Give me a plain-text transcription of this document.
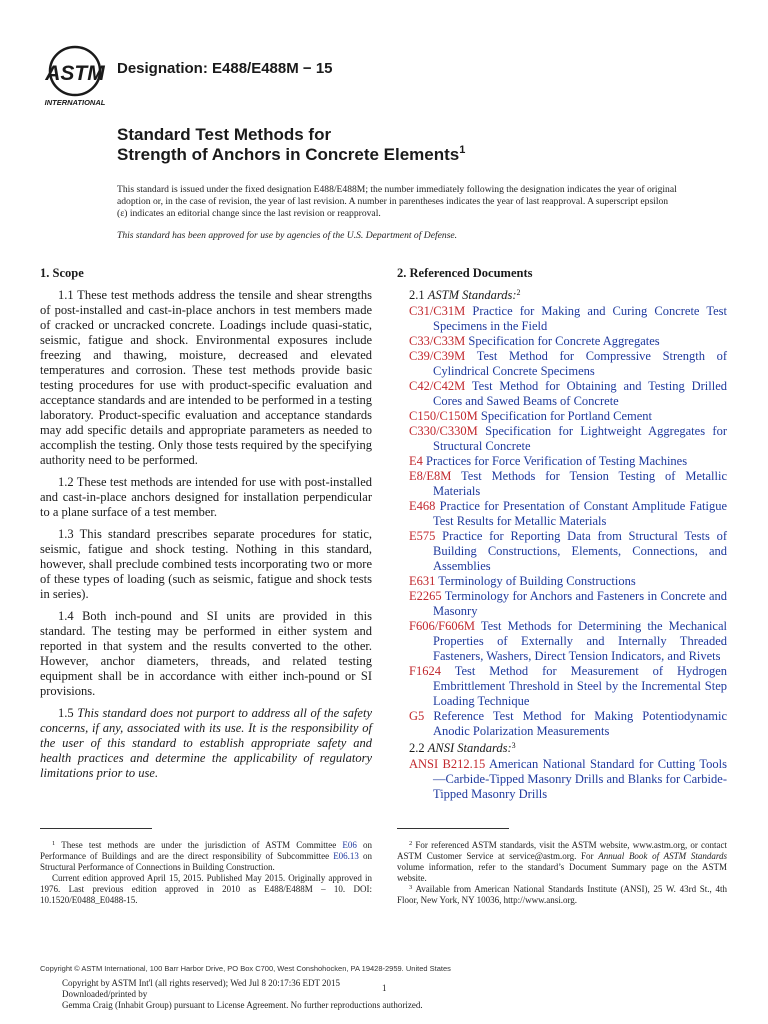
ASTM
INTERNATIONAL
Designation: E488/E488M − 15
Standard Test Methods for
Strength of Anchors in Concrete Elements$^1$
This standard is issued under the fixed designation E488/E488M; the number immediately following the designation indicates the year of original adoption or, in the case of revision, the year of last revision. A number in parentheses indicates the year of last reapproval. A superscript epsilon (ε) indicates an editorial change since the last revision or reapproval.
This standard has been approved for use by agencies of the U.S. Department of Defense.
1. Scope

1.1 These test methods address the tensile and shear strengths of post-installed and cast-in-place anchors in test members made of cracked or uncracked concrete. Loadings include quasi-static, seismic, fatigue and shock. Environmental exposures include freezing and thawing, moisture, decreased and elevated temperatures and corrosion. These test methods provide basic testing procedures for use with product-specific evaluation and acceptance standards and are intended to be performed in a testing laboratory. Product-specific evaluation and acceptance standards may add specific details and appropriate parameters as needed to accomplish the testing. Only those tests required by the specifying authority need to be performed.

1.2 These test methods are intended for use with post-installed and cast-in-place anchors designed for installation perpendicular to a plane surface of a test member.

1.3 This standard prescribes separate procedures for static, seismic, fatigue and shock testing. Nothing in this standard, however, shall preclude combined tests incorporating two or more of these types of loading (such as seismic, fatigue and shock tests in series).

1.4 Both inch-pound and SI units are provided in this standard. The testing may be performed in either system and reported in that system and the results converted to the other. However, anchor diameters, threads, and related testing equipment shall be in accordance with either inch-pound or SI provisions.

1.5 This standard does not purport to address all of the safety concerns, if any, associated with its use. It is the responsibility of the user of this standard to establish appropriate safety and health practices and determine the applicability of regulatory limitations prior to use.

2. Referenced Documents
2.1 ASTM Standards:$^2$
C31/C31M Practice for Making and Curing Concrete Test Specimens in the Field
C33/C33M Specification for Concrete Aggregates
C39/C39M Test Method for Compressive Strength of Cylindrical Concrete Specimens
C42/C42M Test Method for Obtaining and Testing Drilled Cores and Sawed Beams of Concrete
C150/C150M Specification for Portland Cement
C330/C330M Specification for Lightweight Aggregates for Structural Concrete
E4 Practices for Force Verification of Testing Machines
E8/E8M Test Methods for Tension Testing of Metallic Materials
E468 Practice for Presentation of Constant Amplitude Fatigue Test Results for Metallic Materials
E575 Practice for Reporting Data from Structural Tests of Building Constructions, Elements, Connections, and Assemblies
E631 Terminology of Building Constructions
E2265 Terminology for Anchors and Fasteners in Concrete and Masonry
F606/F606M Test Methods for Determining the Mechanical Properties of Externally and Internally Threaded Fasteners, Washers, Direct Tension Indicators, and Rivets
F1624 Test Method for Measurement of Hydrogen Embrittlement Threshold in Steel by the Incremental Step Loading Technique
G5 Reference Test Method for Making Potentiodynamic Anodic Polarization Measurements
2.2 ANSI Standards:$^3$
ANSI B212.15 American National Standard for Cutting Tools—Carbide-Tipped Masonry Drills and Blanks for Carbide-Tipped Masonry Drills

$^1$ These test methods are under the jurisdiction of ASTM Committee E06 on Performance of Buildings and are the direct responsibility of Subcommittee E06.13 on Structural Performance of Connections in Building Construction.

Current edition approved April 15, 2015. Published May 2015. Originally approved in 1976. Last previous edition approved in 2010 as E488/E488M – 10. DOI: 10.1520/E0488_E0488-15.

$^2$ For referenced ASTM standards, visit the ASTM website, www.astm.org, or contact ASTM Customer Service at service@astm.org. For Annual Book of ASTM Standards volume information, refer to the standard’s Document Summary page on the ASTM website.

$^3$ Available from American National Standards Institute (ANSI), 25 W. 43rd St., 4th Floor, New York, NY 10036, http://www.ansi.org.

Copyright © ASTM International, 100 Barr Harbor Drive, PO Box C700, West Conshohocken, PA 19428-2959. United States
Copyright by ASTM Int'l (all rights reserved); Wed Jul 8 20:17:36 EDT 2015
Downloaded/printed by
Gemma Craig (Inhabit Group) pursuant to License Agreement. No further reproductions authorized.
1
